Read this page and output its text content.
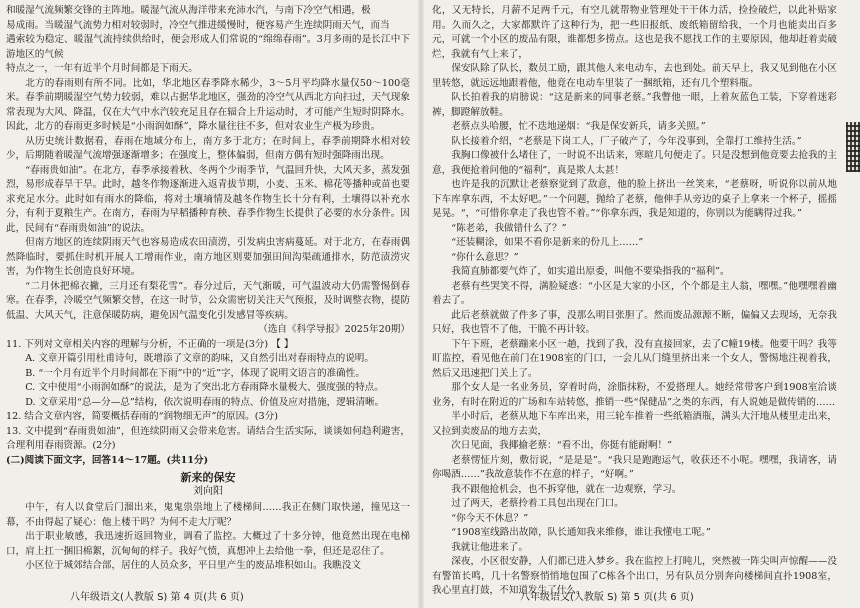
和暖湿气流频繁交锋的主阵地。暖湿气流从海洋带来充沛水汽，与南下冷空气相遇，极

易成雨。当暖湿气流势力相对较弱时，冷空气推进缓慢时，便容易产生连续阴雨天气，而当

遇索较为稳定、暖湿气流持续供给时，便会形成人们常说的“绵绵春雨”。3月多雨的是长江中下游地区的气候

特点之一，一年有近半个月时间都是下雨天。

北方的春雨则有所不同。比如，华北地区春季降水稀少，3～5月平均降水量仅50～100毫米。春季前期暖湿空气势力较弱，难以占据华北地区，强劲的冷空气从西北方向扫过，天气现象常表现为大风、降温，仅在大气中水汽较充足且存在辐合上升运动时，才可能产生短时阴降水。因此，北方的春雨更多时候是“小雨润如酥”，降水量往往不多，但对农业生产极为珍贵。

从历史统计数据看，春雨在地域分布上，南方多于北方；在时间上，春季前期降水相对较少，后期随着暖湿气流增强逐渐增多；在强度上，整体偏弱，但南方偶有短时强降雨出现。

“春雨贵如油”。在北方，春季承接着秋、冬两个少雨季节，气温回升快，大风天多，蒸发强烈，易形成春旱干旱。此时，越冬作物逐渐进入返青拔节期，小麦、玉米、棉花等播种或苗也要求充足水分。此时如有雨水的降临，将对土壤墒情及越冬作物生长十分有利，土壤得以补充水分，有利于夏粮生产。在南方，春雨为早稻播种育秧、春季作物生长提供了必要的水分条件。因此，民间有“春雨贵如油”的说法。

但南方地区的连续阴雨天气也容易造成农田渍涝，引发病虫害病蔓延。对于北方，在春雨偶然降临时，要抓住时机开展人工增雨作业，南方地区则要加强田间沟渠疏通排水，防范渍涝灾害，为作物生长创造良好环境。

“二月休把棉衣撇，三月还有梨花雪”。春分过后，天气渐暖，可气温波动大仍需警惕倒春寒。在春季，冷暖空气频繁交替，在这一时节，公众需密切关注天气预报，及时调整衣物，提防低温、大风天气，注意保暖防病，避免因气温变化引发感冒等疾病。

（选自《科学导报》2025年20期）

11. 下列对文章相关内容的理解与分析，不正确的一项是(3分) 【 】

A. 文章开篇引用杜甫诗句，既增添了文章的韵味，又自然引出对春雨特点的说明。

B. “一个月有近半个月时间都在下雨”中的“近”字，体现了说明文语言的准确性。

C. 文中使用“小雨润如酥”的说法，是为了突出北方春雨降水量极大、强度强的特点。

D. 文章采用“总—分—总”结构，依次说明春雨的特点、价值及应对措施，逻辑清晰。

12. 结合文章内容，简要概括春雨的“润物细无声”的原因。(3分)

13. 文中提到“春雨贵如油”，但连续阴雨又会带来危害。请结合生活实际，谈谈如何趋利避害，合理利用春雨资源。(2分)

(二)阅读下面文字，回答14～17题。(共11分)

新来的保安
刘向阳

中午，有人以食堂后门溜出来，鬼鬼祟祟地上了楼梯间……我正在侧门取快递，撞见这一幕，不由得起了疑心：他上楼干吗？为何不走大厅呢？

出于职业敏感，我迅速折返回物业，调看了监控。大概过了十多分钟，他竟然出现在电梯口，肩上扛一捆旧棉絮，沉甸甸的样子。我好气愤，真想冲上去给他一拳，但还是忍住了。

小区位于城郊结合部，居住的人员众多，平日里产生的废品堆积如山。我瞧没文

化，又无特长，月薪不足两千元，有空儿就帮物业管理处干干体力活，捡捡破烂，以此补贴家用。久而久之，大家都默许了这种行为，把一些旧报纸、废纸箱留给我，一个月也能卖出百多元，可就一个小区的废品有限，谁都想多捞点。这也是我不愿找工作的主要原因，他却赶着卖破烂，我就有气上来了，

保安队除了队长，数员工励，跟其他人来电动车，去也到处。前天早上，我又见到他在小区里转悠，就远远地跟着他，他竟在电动车里装了一捆纸箱，还有几个塑料瓶。

队长拍着我的肩膀说：“这是新来的同事老蔡。”我瞥他一眼，上着灰蓝色工装，下穿着迷彩裤，脚蹬解放鞋。

老蔡点头哈腰，忙不迭地递烟：“我是保安新兵，请多关照。”

队长接着介绍，“老蔡是下岗工人，厂子破产了，今年没事到，全靠打工维持生活。”

我胸口像被什么堵住了，一时说不出话来，寒暄几句便走了。只是没想到他竟要去抢我的主意，我便抢着问他的“福利”，真是欺人太甚！

也许是我的沉默让老蔡察觉到了敌意，他的脸上挤出一丝笑来，“老蔡呀，听说你以前从地下车库拿东西，不太好吧。”一个问题，抛给了老蔡，他伸手从旁边的桌子上拿来一个杯子，摇摇晃晃。“，“可惜你拿走了我也管不着。”“你拿东西，我是知道的，你别以为能瞒得过我。”

“陈老弟，我做错什么了？”

“还装糊涂，如果不看你是新来的份儿上……”

“你什么意思？”

我简直肺都要气炸了，如实道出原委，叫他不要染指我的“福利”。

老蔡有些哭笑不得，满脸疑惑：“小区是大家的小区，个个都是主人翁，嘿嘿。”他嘿嘿着幽着去了。

此后老蔡就做了件多了事，没那么明目张胆了。然而废品源源不断，偏偏又去现场，无奈我只好，我也管不了他，干脆不再计较。

下午下班，老蔡蹦来小区一趟，找到了我，没有直接回家，去了C幢19楼。他要干吗？我等盯监控，看见他在前门在1908室的门口，一会儿从门缝里挤出来一个女人，警惕地注视着我，然后又迅速把门关上了。

那个女人是一名业务员，穿着时尚，涂脂抹粉，不爱搭理人。她经常带客户到1908室洽谈业务，有时在附近的广场和车站转悠，推销一些“保健品”之类的东西，有人说她是做传销的……

半小时后，老蔡从地下车库出来，用三轮车推着一些纸箱酒瓶，满头大汗地从楼里走出来，又拉到卖废品的地方去卖，

次日见面，我揶揄老蔡：“看不出，你挺有能耐啊！”

老蔡愣怔片刻，敷衍说，“是是是”。“我只是跑跑运气，收获还不小呢。嘿嘿，我请客，请你喝酒……”我故意装作不在意的样子，“好啊。”

我不跟他抢机会，也不拆穿他，就在一边观察，学习。

过了两天，老蔡拎着工具包出现在门口。

“你今天不休息？”

“1908室线路出故障，队长通知我来维修，谁让我懂电工呢。”

我就让他进来了。

深夜，小区很安静，人们都已进入梦乡。我在监控上打盹儿，突然被一阵尖叫声惊醒——没有警笛长鸣，几十名警察悄悄地包围了C栋各个出口，另有队员分别奔向楼梯间直扑1908室，我心里直打鼓，不知道发生了什么。

八年级语文(人教版 S) 第 4 页(共 6 页)	八年级语文(人教版 S) 第 5 页(共 6 页)
